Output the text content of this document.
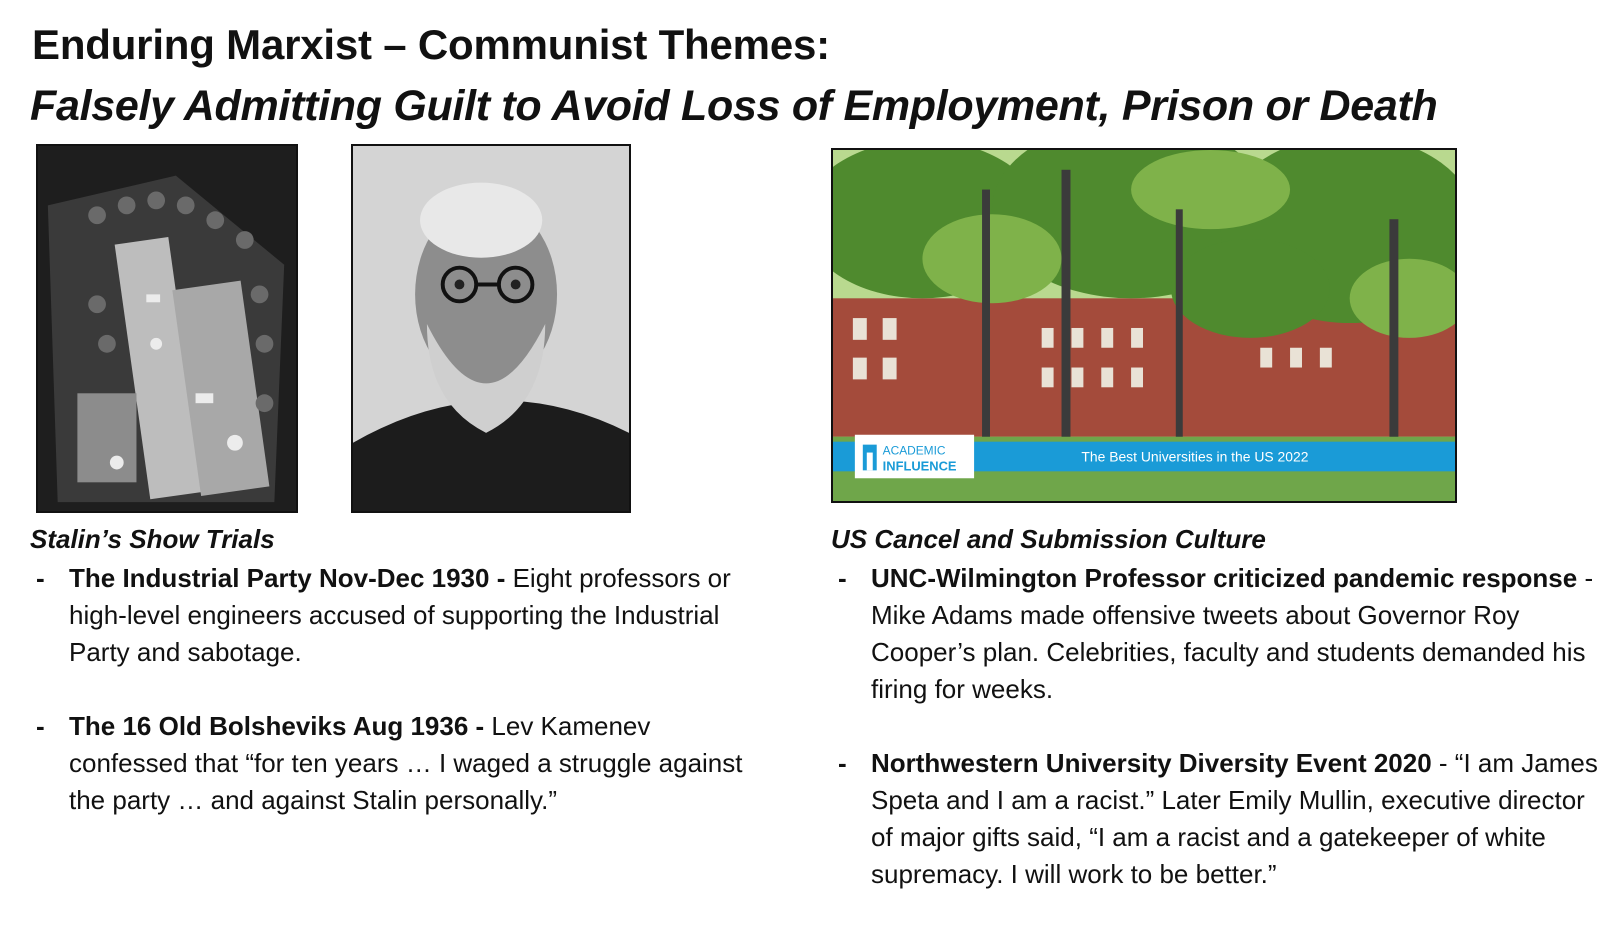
Enduring Marxist – Communist Themes:
Falsely Admitting Guilt to Avoid Loss of Employment, Prison or Death
ACADEMIC
INFLUENCE
The Best Universities in the US 2022
Stalin’s Show Trials
- The Industrial Party Nov-Dec 1930 - Eight professors or high-level engineers accused of supporting the Industrial Party and sabotage.
- The 16 Old Bolsheviks Aug 1936 - Lev Kamenev confessed that “for ten years … I waged a struggle against the party … and against Stalin personally.”
US Cancel and Submission Culture
- UNC-Wilmington Professor criticized pandemic response - Mike Adams made offensive tweets about Governor Roy Cooper’s plan. Celebrities, faculty and students demanded his firing for weeks.
- Northwestern University Diversity Event 2020 - “I am James Speta and I am a racist.” Later Emily Mullin, executive director of major gifts said, “I am a racist and a gatekeeper of white supremacy. I will work to be better.”
